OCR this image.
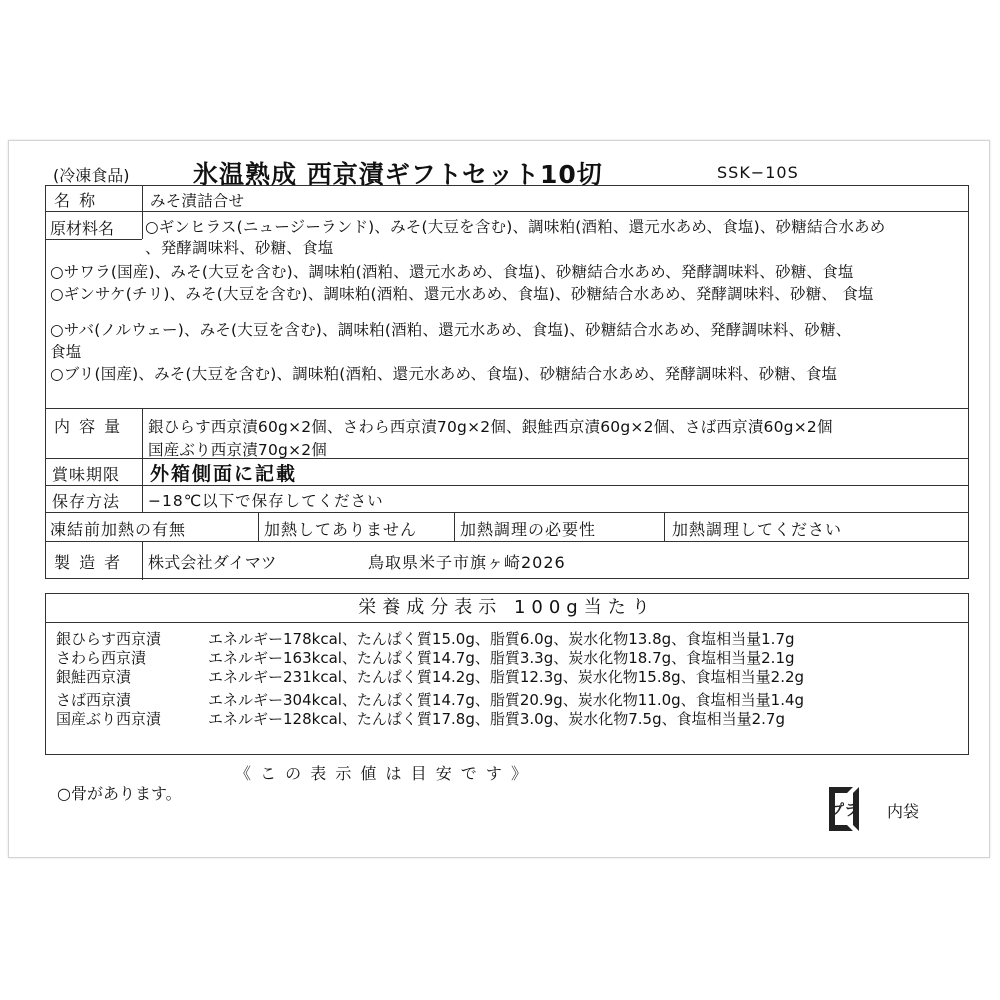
(冷凍食品)	氷温熟成 西京漬ギフトセット10切	SSK−10S
名 称	みそ漬詰合せ
原材料名 ○ギンヒラス(ニュージーランド)、みそ(大豆を含む)、調味粕(酒粕、還元水あめ、食塩)、砂糖結合水あめ
、発酵調味料、砂糖、食塩
○サワラ(国産)、みそ(大豆を含む)、調味粕(酒粕、還元水あめ、食塩)、砂糖結合水あめ、発酵調味料、砂糖、食塩
○ギンサケ(チリ)、みそ(大豆を含む)、調味粕(酒粕、還元水あめ、食塩)、砂糖結合水あめ、発酵調味料、砂糖、 食塩
○サバ(ノルウェー)、みそ(大豆を含む)、調味粕(酒粕、還元水あめ、食塩)、砂糖結合水あめ、発酵調味料、砂糖、
食塩
○ブリ(国産)、みそ(大豆を含む)、調味粕(酒粕、還元水あめ、食塩)、砂糖結合水あめ、発酵調味料、砂糖、食塩
内 容 量 銀ひらす西京漬60g×2個、さわら西京漬70g×2個、銀鮭西京漬60g×2個、さば西京漬60g×2個
国産ぶり西京漬70g×2個
賞味期限 外箱側面に記載
保存方法 −18℃以下で保存してください
凍結前加熱の有無	加熱してありません	加熱調理の必要性	加熱調理してください
製 造 者 株式会社ダイマツ	鳥取県米子市旗ヶ崎2026
栄養成分表示 100g当たり
銀ひらす西京漬	エネルギー178kcal、たんぱく質15.0g、脂質6.0g、炭水化物13.8g、食塩相当量1.7g
さわら西京漬	エネルギー163kcal、たんぱく質14.7g、脂質3.3g、炭水化物18.7g、食塩相当量2.1g
銀鮭西京漬	エネルギー231kcal、たんぱく質14.2g、脂質12.3g、炭水化物15.8g、食塩相当量2.2g
さば西京漬	エネルギー304kcal、たんぱく質14.7g、脂質20.9g、炭水化物11.0g、食塩相当量1.4g
国産ぶり西京漬	エネルギー128kcal、たんぱく質17.8g、脂質3.0g、炭水化物7.5g、食塩相当量2.7g
《 こ の 表 示 値 は 目 安 で す 》
○骨があります。
プラ 内袋
